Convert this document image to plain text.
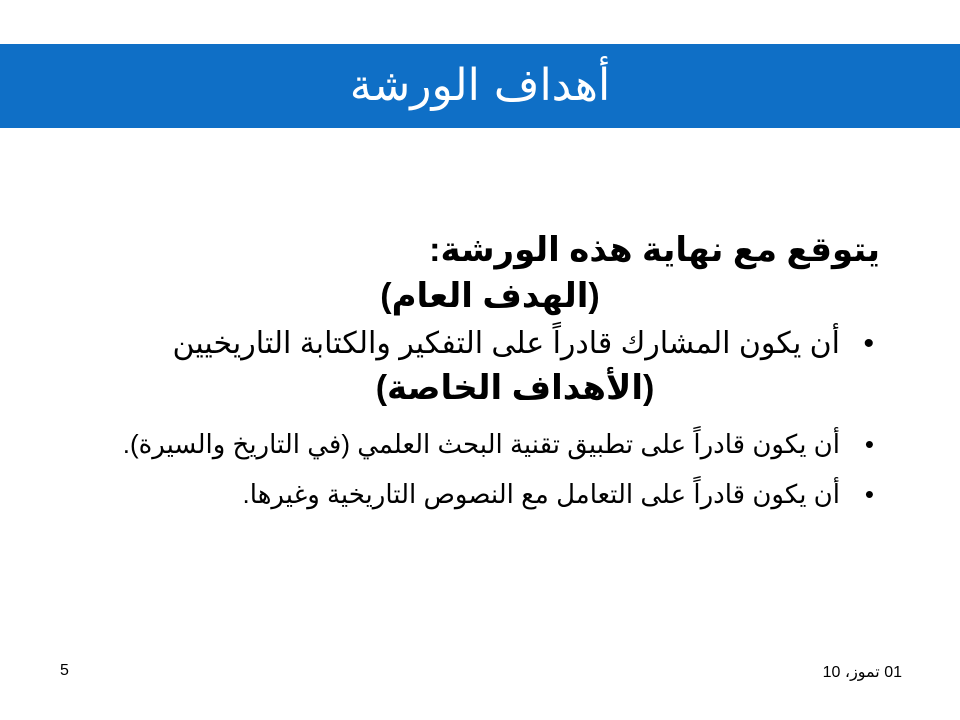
أهداف الورشة

يتوقع مع نهاية هذه الورشة:

(الهدف العام)

•
أن يكون المشارك قادراً على التفكير والكتابة التاريخيين

(الأهداف الخاصة)

•
أن يكون قادراً على تطبيق تقنية البحث العلمي (في التاريخ والسيرة).
•
أن يكون قادراً على التعامل مع النصوص التاريخية وغيرها.
01 تموز، 10
5
